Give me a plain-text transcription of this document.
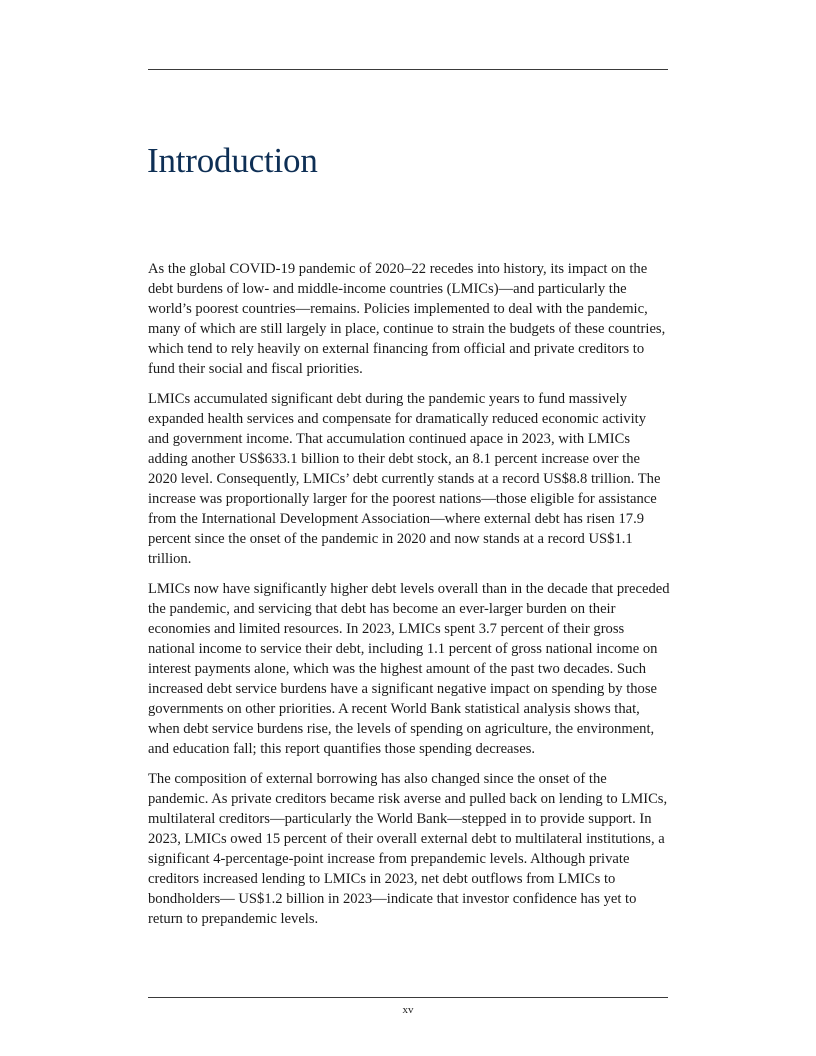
Introduction

As the global COVID-19 pandemic of 2020–22 recedes into history, its impact on the debt burdens of low- and middle-income countries (LMICs)—and particularly the world’s poorest countries—remains. Policies implemented to deal with the pandemic, many of which are still largely in place, continue to strain the budgets of these countries, which tend to rely heavily on external financing from official and private creditors to fund their social and fiscal priorities.

LMICs accumulated significant debt during the pandemic years to fund massively expanded health services and compensate for dramatically reduced economic activity and government income. That accumulation continued apace in 2023, with LMICs adding another US$633.1 billion to their debt stock, an 8.1 percent increase over the 2020 level. Consequently, LMICs’ debt currently stands at a record US$8.8 trillion. The increase was proportionally larger for the poorest nations—those eligible for assistance from the International Development Association—where external debt has risen 17.9 percent since the onset of the pandemic in 2020 and now stands at a record US$1.1 trillion.

LMICs now have significantly higher debt levels overall than in the decade that preceded the pandemic, and servicing that debt has become an ever-larger burden on their economies and limited resources. In 2023, LMICs spent 3.7 percent of their gross national income to service their debt, including 1.1 percent of gross national income on interest payments alone, which was the highest amount of the past two decades. Such increased debt service burdens have a significant negative impact on spending by those governments on other priorities. A recent World Bank statistical analysis shows that, when debt service burdens rise, the levels of spending on agriculture, the environment, and education fall; this report quantifies those spending decreases.

The composition of external borrowing has also changed since the onset of the pandemic. As private creditors became risk averse and pulled back on lending to LMICs, multilateral creditors—particularly the World Bank—stepped in to provide support. In 2023, LMICs owed 15 percent of their overall external debt to multilateral institutions, a significant 4-percentage-point increase from prepandemic levels. Although private creditors increased lending to LMICs in 2023, net debt outflows from LMICs to bondholders— US$1.2 billion in 2023—indicate that investor confidence has yet to return to prepandemic levels.

xv
